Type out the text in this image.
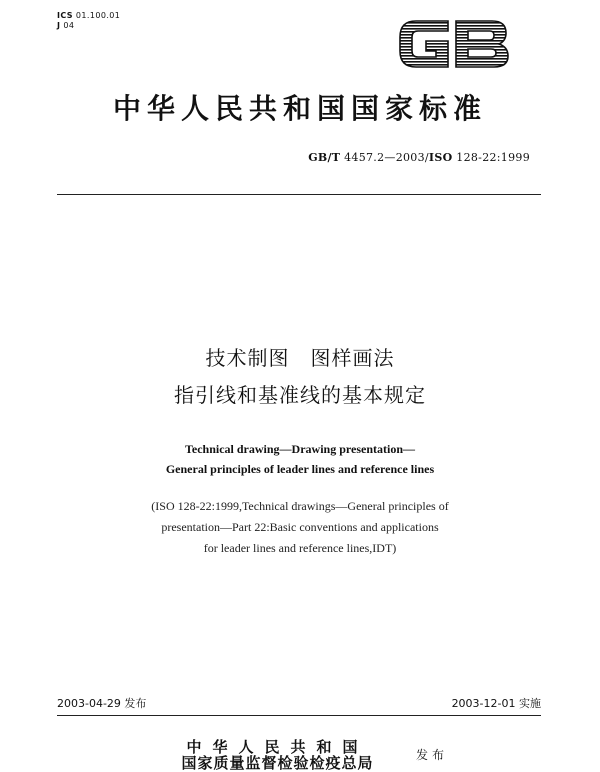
ICS 01.100.01
J 04
中华人民共和国国家标准
GB/T 4457.2—2003/ISO 128-22:1999
技术制图　图样画法
指引线和基准线的基本规定
Technical drawing—Drawing presentation—
General principles of leader lines and reference lines
(ISO 128-22:1999,Technical drawings—General principles of
presentation—Part 22:Basic conventions and applications
for leader lines and reference lines,IDT)
2003-04-29 发布	2003-12-01 实施
中华人民共和国
国家质量监督检验检疫总局	发布
